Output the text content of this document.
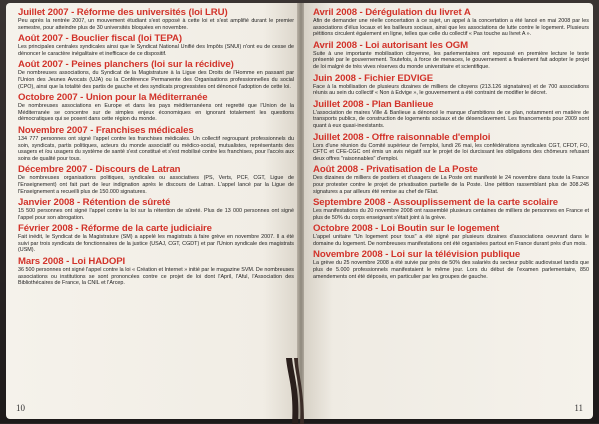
Juillet 2007 - Réforme des universités (loi LRU)

Peu après la rentrée 2007, un mouvement étudiant s'est opposé à cette loi et s'est amplifié durant le premier semestre, pour atteindre plus de 30 universités bloquées en novembre.

Août 2007 - Bouclier fiscal (loi TEPA)

Les principales centrales syndicales ainsi que le Syndicat National Unifié des Impôts (SNUI) n'ont eu de cesse de dénoncer le caractère inégalitaire et inefficace de ce dispositif.

Août 2007 - Peines planchers (loi sur la récidive)

De nombreuses associations, du Syndicat de la Magistrature à la Ligue des Droits de l'Homme en passant par l'Union des Jeunes Avocats (UJA) ou la Conférence Permanente des Organisations professionnelles du social (CPO), ainsi que la totalité des partis de gauche et des syndicats progressistes ont dénoncé l'adoption de cette loi.

Octobre 2007 - Union pour la Méditerranée

De nombreuses associations en Europe et dans les pays méditerranéens ont regretté que l'Union de la Méditerranée se concentre sur de simples enjeux économiques en ignorant totalement les questions démocratiques qui se posent dans cette région du monde.

Novembre 2007 - Franchises médicales

134 777 personnes ont signé l'appel contre les franchises médicales. Un collectif regroupant professionnels du soin, syndicats, partis politiques, acteurs du monde associatif ou médico-social, mutualistes, représentants des usagers et /ou usagers du système de santé s'est constitué et s'est mobilisé contre les franchises, pour l'accès aux soins de qualité pour tous.

Décembre 2007 - Discours de Latran

De nombreuses organisations politiques, syndicales ou associatives (PS, Verts, PCF, CGT, Ligue de l'Enseignement) ont fait part de leur indignation après le discours de Latran. L'appel lancé par la Ligue de l'Enseignement a recueilli plus de 150.000 signatures.

Janvier 2008 - Rétention de sûreté

15 500 personnes ont signé l'appel contre la loi sur la rétention de sûreté. Plus de 13 000 personnes ont signé l'appel pour son abrogation.

Février 2008 - Réforme de la carte judiciaire

Fait inédit, le Syndicat de la Magistrature (SM) a appelé les magistrats à faire grève en novembre 2007. Il a été suivi par trois syndicats de fonctionnaires de la justice (USAJ, CGT, CGDT) et par l'Union syndicale des magistrats (USM).

Mars 2008 - Loi HADOPI

36 500 personnes ont signé l'appel contre la loi « Création et Internet » initié par le magazine SVM. De nombreuses associations ou institutions se sont prononcées contre ce projet de loi dont l'April, l'Aful, l'Association des Bibliothécaires de France, la CNIL et l'Arcep.

10
Avril 2008 - Dérégulation du livret A

Afin de demander une réelle concertation à ce sujet, un appel à la concertation a été lancé en mai 2008 par les associations d'élus locaux et les bailleurs sociaux, ainsi que les associations de lutte contre le logement. Plusieurs pétitions circulent également en ligne, telles que celle du collectif « Pas touche au livret A ».

Avril 2008 - Loi autorisant les OGM

Suite à une importante mobilisation citoyenne, les parlementaires ont repoussé en première lecture le texte présenté par le gouvernement. Toutefois, à force de menaces, le gouvernement a finalement fait adopter le projet de loi malgré de très vives réserves du monde universitaire et scientifique.

Juin 2008 - Fichier EDVIGE

Face à la mobilisation de plusieurs dizaines de milliers de citoyens (213.126 signataires) et de 700 associations réunis au sein du collectif « Non à Edvige », le gouvernement a été contraint de modifier le décret.

Juillet 2008 - Plan Banlieue

L'association de maires Ville & Banlieue a dénoncé le manque d'ambitions de ce plan, notamment en matière de transports publics, de construction de logements sociaux et de désenclavement. Les financements pour 2009 sont quant à eux quasi-inexistants.

Juillet 2008 - Offre raisonnable d'emploi

Lors d'une réunion du Comité supérieur de l'emploi, lundi 26 mai, les confédérations syndicales CGT, CFDT, FO, CFTC et CFE-CGC ont émis un avis négatif sur le projet de loi durcissant les obligations des chômeurs refusant deux offres "raisonnables" d'emploi.

Août 2008 - Privatisation de La Poste

Des dizaines de milliers de postiers et d'usagers de La Poste ont manifesté le 24 novembre dans toute la France pour protester contre le projet de privatisation partielle de la Poste. Une pétition rassemblant plus de 308.245 signatures a par ailleurs été remise au chef de l'Etat.

Septembre 2008 - Assouplissement de la carte scolaire

Les manifestations du 20 novembre 2008 ont rassemblé plusieurs centaines de milliers de personnes en France et plus de 50% du corps enseignant s'était joint à la grève.

Octobre 2008 - Loi Boutin sur le logement

L'appel unitaire "Un logement pour tous" a été signé par plusieurs dizaines d'associations oeuvrant dans le domaine du logement. De nombreuses manifestations ont été organisées partout en France durant près d'un mois.

Novembre 2008 - Loi sur la télévision publique

La grève du 25 novembre 2008 a été suivie par près de 50% des salariés du secteur public audiovisuel tandis que plus de 5.000 professionnels manifestaient le même jour. Lors du début de l'examen parlementaire, 850 amendements ont été déposés, en particulier par les groupes de gauche.

11
